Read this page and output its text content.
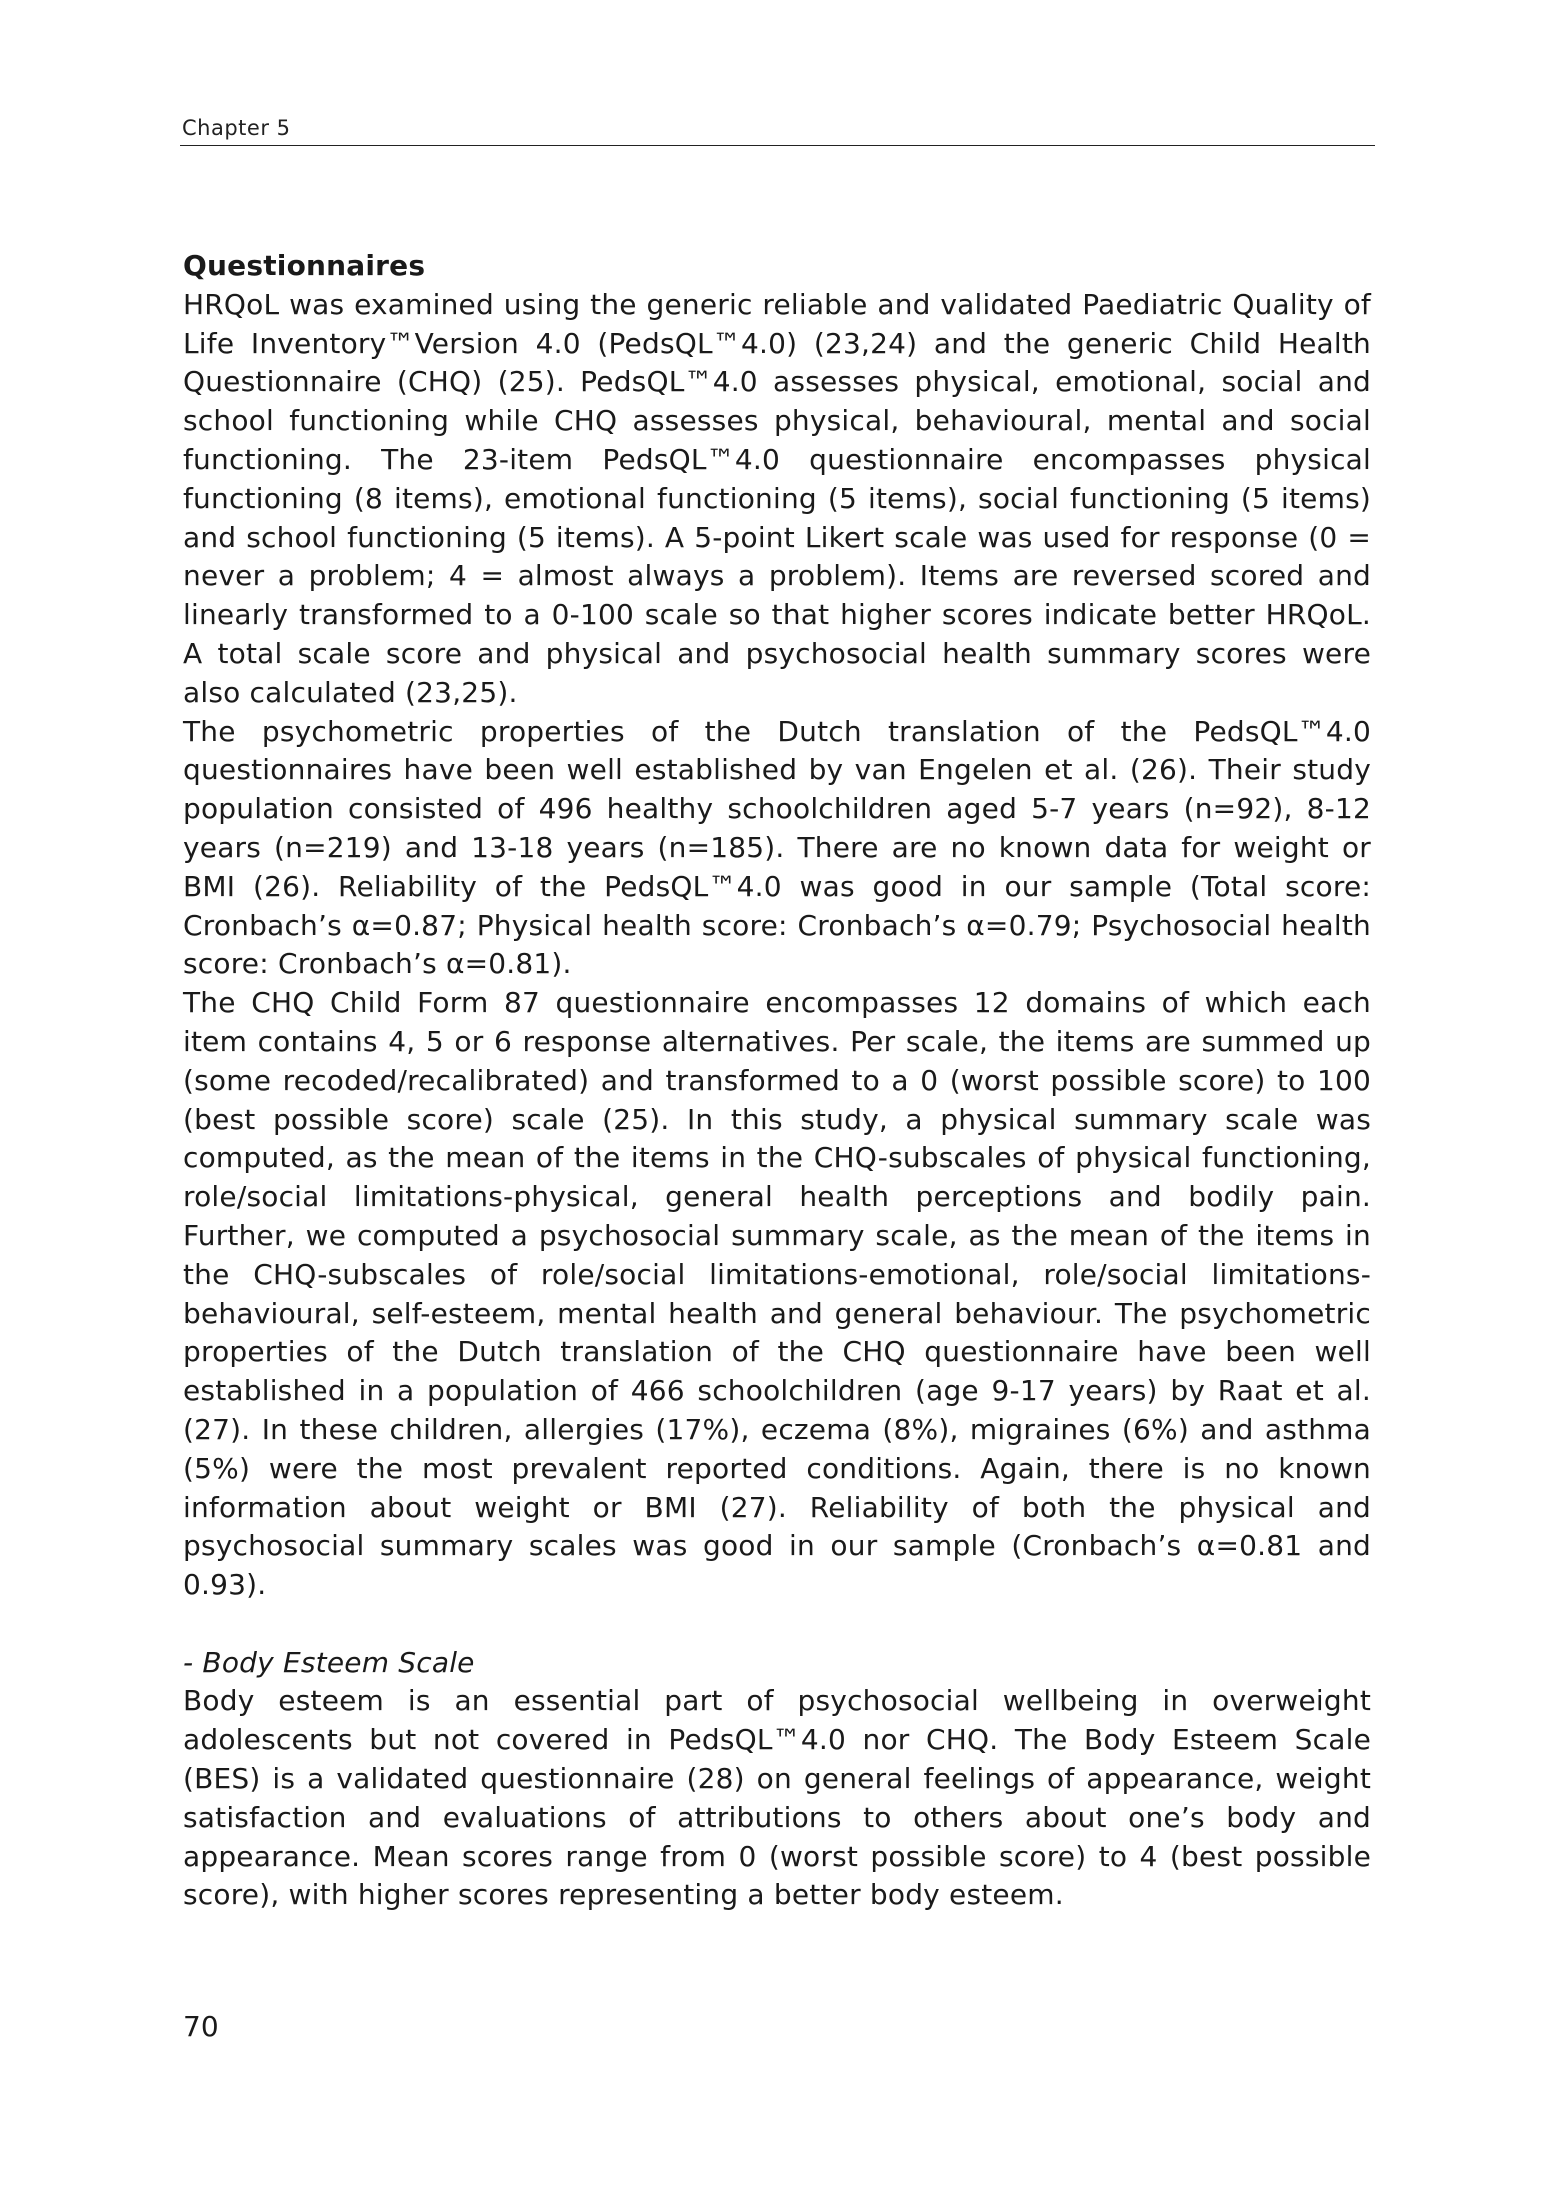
Chapter 5
Questionnaires

HRQoL was examined using the generic reliable and validated Paediatric Quality of Life Inventory™Version 4.0 (PedsQL™4.0) (23,24) and the generic Child Health Questionnaire (CHQ) (25). PedsQL™4.0 assesses physical, emotional, social and school functioning while CHQ assesses physical, behavioural, mental and social functioning. The 23-item PedsQL™4.0 questionnaire encompasses physical functioning (8 items), emotional functioning (5 items), social functioning (5 items) and school functioning (5 items). A 5-point Likert scale was used for response (0 = never a problem; 4 = almost always a problem). Items are reversed scored and linearly transformed to a 0-100 scale so that higher scores indicate better HRQoL. A total scale score and physical and psychosocial health summary scores were also calculated (23,25).

The psychometric properties of the Dutch translation of the PedsQL™4.0 questionnaires have been well established by van Engelen et al. (26). Their study population consisted of 496 healthy schoolchildren aged 5-7 years (n=92), 8-12 years (n=219) and 13-18 years (n=185). There are no known data for weight or BMI (26). Reliability of the PedsQL™4.0 was good in our sample (Total score: Cronbach’s α=0.87; Physical health score: Cronbach’s α=0.79; Psychosocial health score: Cronbach’s α=0.81).

The CHQ Child Form 87 questionnaire encompasses 12 domains of which each item contains 4, 5 or 6 response alternatives. Per scale, the items are summed up (some recoded/recalibrated) and transformed to a 0 (worst possible score) to 100 (best possible score) scale (25). In this study, a physical summary scale was computed, as the mean of the items in the CHQ-subscales of physical functioning, role/social limitations-physical, general health perceptions and bodily pain. Further, we computed a psychosocial summary scale, as the mean of the items in the CHQ-subscales of role/social limitations-emotional, role/social limitations-behavioural, self-esteem, mental health and general behaviour. The psychometric properties of the Dutch translation of the CHQ questionnaire have been well established in a population of 466 schoolchildren (age 9-17 years) by Raat et al. (27). In these children, allergies (17%), eczema (8%), migraines (6%) and asthma (5%) were the most prevalent reported conditions. Again, there is no known information about weight or BMI (27). Reliability of both the physical and psychosocial summary scales was good in our sample (Cronbach’s α=0.81 and 0.93).

- Body Esteem Scale

Body esteem is an essential part of psychosocial wellbeing in overweight adolescents but not covered in PedsQL™4.0 nor CHQ. The Body Esteem Scale (BES) is a validated questionnaire (28) on general feelings of appearance, weight satisfaction and evaluations of attributions to others about one’s body and appearance. Mean scores range from 0 (worst possible score) to 4 (best possible score), with higher scores representing a better body esteem.

70
